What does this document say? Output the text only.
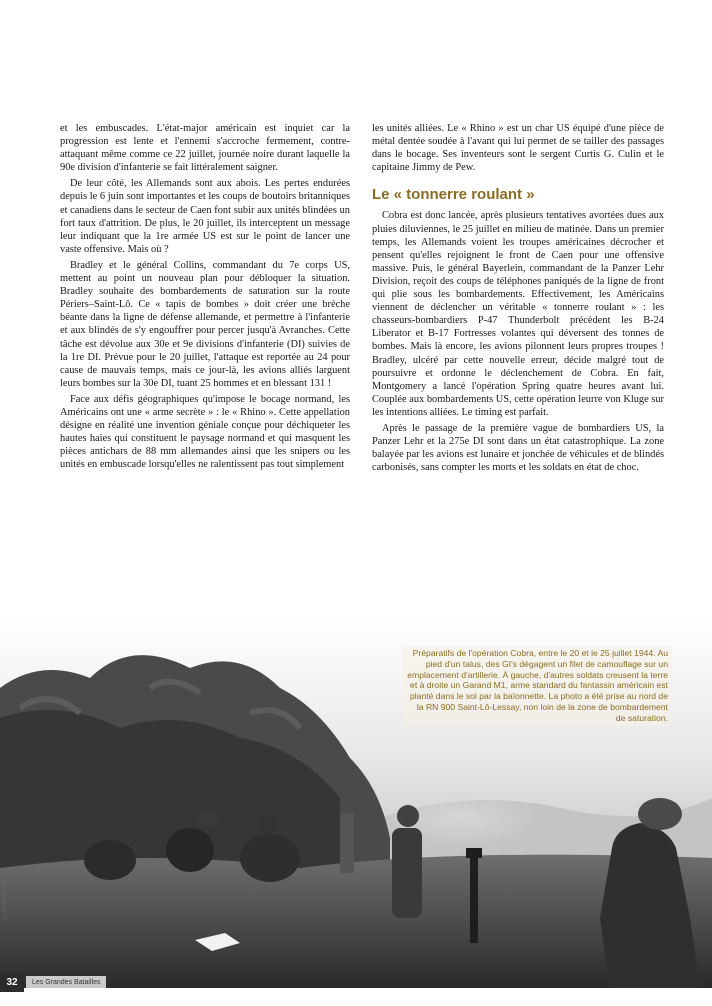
et les embuscades. L'état-major américain est inquiet car la progression est lente et l'ennemi s'accroche fermement, contre-attaquant même comme ce 22 juillet, journée noire durant laquelle la 90e division d'infanterie se fait littéralement saigner.

De leur côté, les Allemands sont aux abois. Les pertes endurées depuis le 6 juin sont importantes et les coups de boutoirs britanniques et canadiens dans le secteur de Caen font subir aux unités blindées un fort taux d'attrition. De plus, le 20 juillet, ils interceptent un message leur indiquant que la 1re armée US est sur le point de lancer une vaste offensive. Mais où ?

Bradley et le général Collins, commandant du 7e corps US, mettent au point un nouveau plan pour débloquer la situation. Bradley souhaite des bombardements de saturation sur la route Périers–Saint-Lô. Ce « tapis de bombes » doit créer une brèche béante dans la ligne de défense allemande, et permettre à l'infanterie et aux blindés de s'y engouffrer pour percer jusqu'à Avranches. Cette tâche est dévolue aux 30e et 9e divisions d'infanterie (DI) suivies de la 1re DI. Prévue pour le 20 juillet, l'attaque est reportée au 24 pour cause de mauvais temps, mais ce jour-là, les avions alliés larguent leurs bombes sur la 30e DI, tuant 25 hommes et en blessant 131 !

Face aux défis géographiques qu'impose le bocage normand, les Américains ont une « arme secrète » : le « Rhino ». Cette appellation désigne en réalité une invention géniale conçue pour déchiqueter les hautes haies qui constituent le paysage normand et qui masquent les pièces antichars de 88 mm allemandes ainsi que les snipers ou les unités en embuscade lorsqu'elles ne ralentissent pas tout simplement

les unités alliées. Le « Rhino » est un char US équipé d'une pièce de métal dentée soudée à l'avant qui lui permet de se tailler des passages dans le bocage. Ses inventeurs sont le sergent Curtis G. Culin et le capitaine Jimmy de Pew.

Le « tonnerre roulant »

Cobra est donc lancée, après plusieurs tentatives avortées dues aux pluies diluviennes, le 25 juillet en milieu de matinée. Dans un premier temps, les Allemands voient les troupes américaines décrocher et pensent qu'elles rejoignent le front de Caen pour une offensive massive. Puis, le général Bayerlein, commandant de la Panzer Lehr Division, reçoit des coups de téléphones paniqués de la ligne de front qui plie sous les bombardements. Effectivement, les Américains viennent de déclencher un véritable « tonnerre roulant » : les chasseurs-bombardiers P-47 Thunderbolt précèdent les B-24 Liberator et B-17 Fortresses volantes qui déversent des tonnes de bombes. Mais là encore, les avions pilonnent leurs propres troupes ! Bradley, ulcéré par cette nouvelle erreur, décide malgré tout de poursuivre et ordonne le déclenchement de Cobra. En fait, Montgomery a lancé l'opération Spring quatre heures avant lui. Couplée aux bombardements US, cette opération leurre von Kluge sur les intentions alliées. Le timing est parfait.

Après le passage de la première vague de bombardiers US, la Panzer Lehr et la 275e DI sont dans un état catastrophique. La zone balayée par les avions est lunaire et jonchée de véhicules et de blindés carbonisés, sans compter les morts et les soldats en état de choc.

Préparatifs de l'opération Cobra, entre le 20 et le 25 juillet 1944. Au pied d'un talus, des GI's dégagent un filet de camouflage sur un emplacement d'artillerie. À gauche, d'autres soldats creusent la terre et à droite un Garand M1, arme standard du fantassin américain est planté dans le sol par la baïonnette. La photo a été prise au nord de la RN 900 Saint-Lô-Lessay, non loin de la zone de bombardement de saturation.
© Archives US
32	Les Grandes Batailles
